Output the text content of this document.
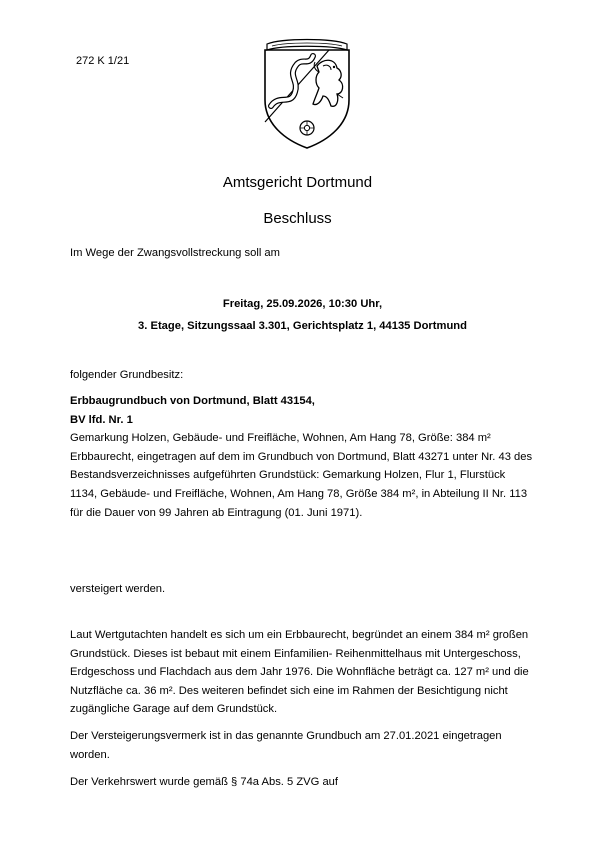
272 K 1/21
Amtsgericht Dortmund
Beschluss
Im Wege der Zwangsvollstreckung soll am
Freitag, 25.09.2026, 10:30 Uhr,
3. Etage, Sitzungssaal 3.301, Gerichtsplatz 1, 44135 Dortmund
folgender Grundbesitz:
Erbbaugrundbuch von Dortmund, Blatt 43154,
BV lfd. Nr. 1
Gemarkung Holzen, Gebäude- und Freifläche, Wohnen, Am Hang 78, Größe: 384 m²
Erbbaurecht, eingetragen auf dem im Grundbuch von Dortmund, Blatt 43271 unter Nr. 43 des Bestandsverzeichnisses aufgeführten Grundstück: Gemarkung Holzen, Flur 1, Flurstück 1134, Gebäude- und Freifläche, Wohnen, Am Hang 78, Größe 384 m², in Abteilung II Nr. 113 für die Dauer von 99 Jahren ab Eintragung (01. Juni 1971).
versteigert werden.
Laut Wertgutachten handelt es sich um ein Erbbaurecht, begründet an einem 384 m² großen Grundstück. Dieses ist bebaut mit einem Einfamilien- Reihenmittelhaus mit Untergeschoss, Erdgeschoss und Flachdach aus dem Jahr 1976. Die Wohnfläche beträgt ca. 127 m² und die Nutzfläche ca. 36 m². Des weiteren befindet sich eine im Rahmen der Besichtigung nicht zugängliche Garage auf dem Grundstück.
Der Versteigerungsvermerk ist in das genannte Grundbuch am 27.01.2021 eingetragen worden.
Der Verkehrswert wurde gemäß § 74a Abs. 5 ZVG auf
